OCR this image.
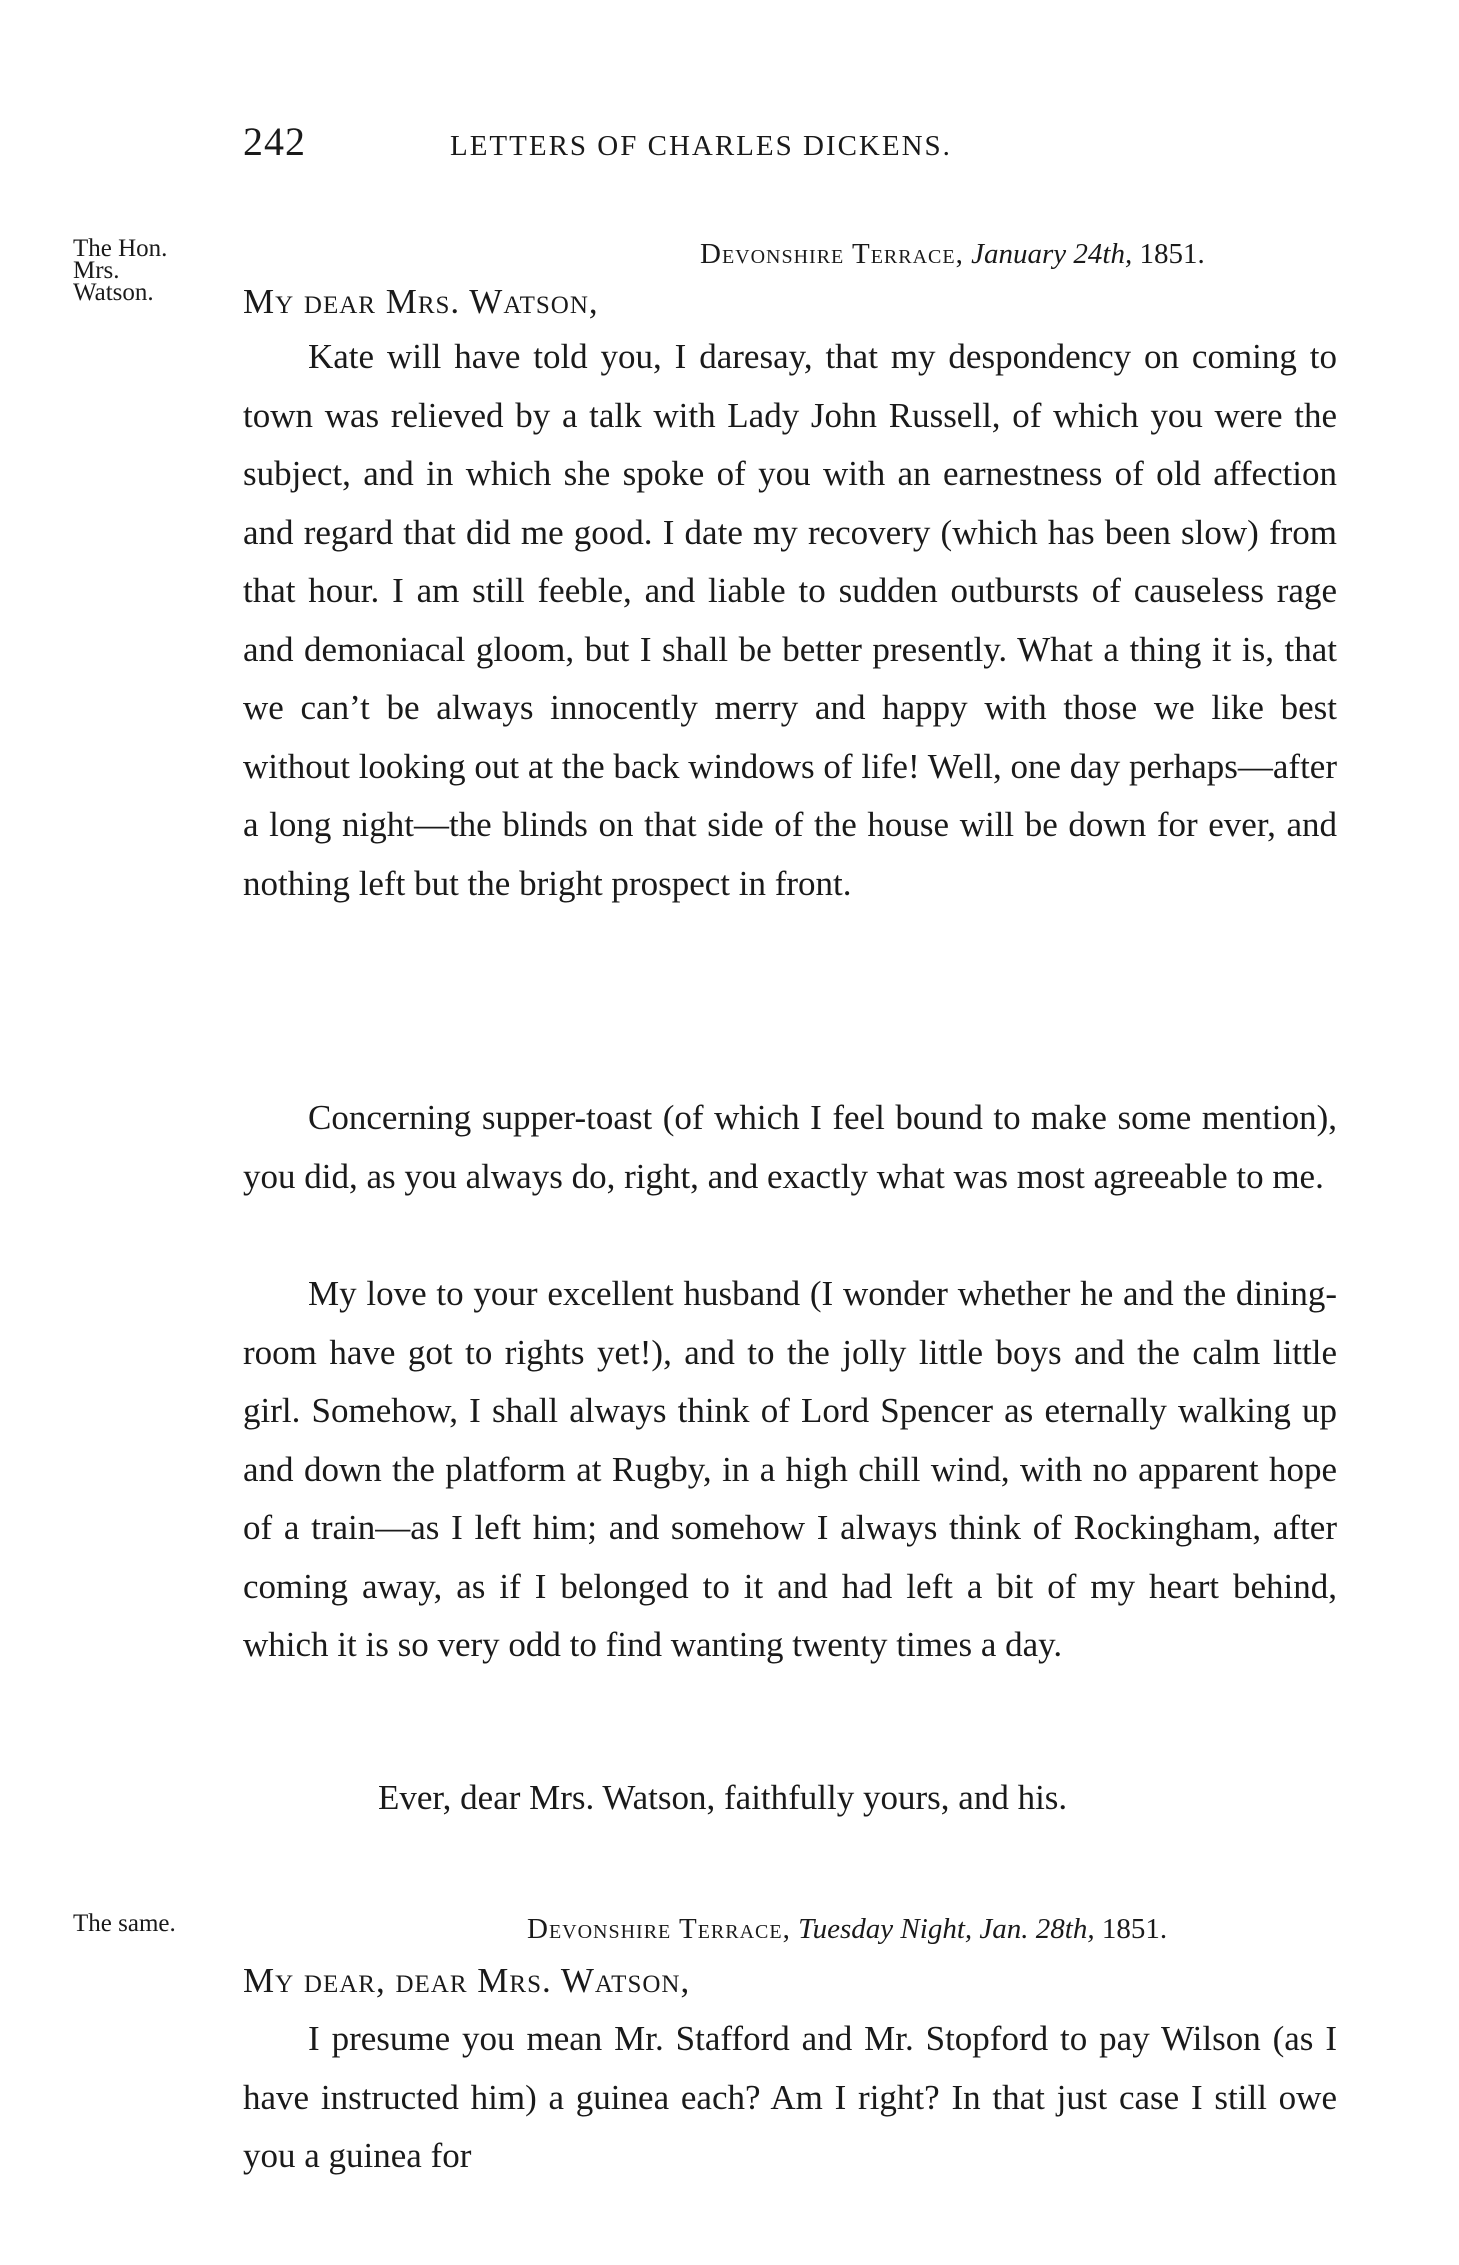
242	LETTERS OF CHARLES DICKENS.
The Hon.
Mrs.
Watson.
Devonshire Terrace, January 24th, 1851.
My dear Mrs. Watson,

Kate will have told you, I daresay, that my despondency on coming to town was relieved by a talk with Lady John Russell, of which you were the subject, and in which she spoke of you with an earnestness of old affection and regard that did me good. I date my recovery (which has been slow) from that hour. I am still feeble, and liable to sudden outbursts of causeless rage and demoniacal gloom, but I shall be better presently. What a thing it is, that we can’t be always innocently merry and happy with those we like best without looking out at the back windows of life! Well, one day perhaps—after a long night—the blinds on that side of the house will be down for ever, and nothing left but the bright prospect in front.

Concerning supper-toast (of which I feel bound to make some mention), you did, as you always do, right, and exactly what was most agreeable to me.

My love to your excellent husband (I wonder whether he and the dining-room have got to rights yet!), and to the jolly little boys and the calm little girl. Somehow, I shall always think of Lord Spencer as eternally walking up and down the platform at Rugby, in a high chill wind, with no apparent hope of a train—as I left him; and somehow I always think of Rockingham, after coming away, as if I belonged to it and had left a bit of my heart behind, which it is so very odd to find wanting twenty times a day.

Ever, dear Mrs. Watson, faithfully yours, and his.
The same.	Devonshire Terrace, Tuesday Night, Jan. 28th, 1851.
My dear, dear Mrs. Watson,

I presume you mean Mr. Stafford and Mr. Stopford to pay Wilson (as I have instructed him) a guinea each? Am I right? In that just case I still owe you a guinea for
